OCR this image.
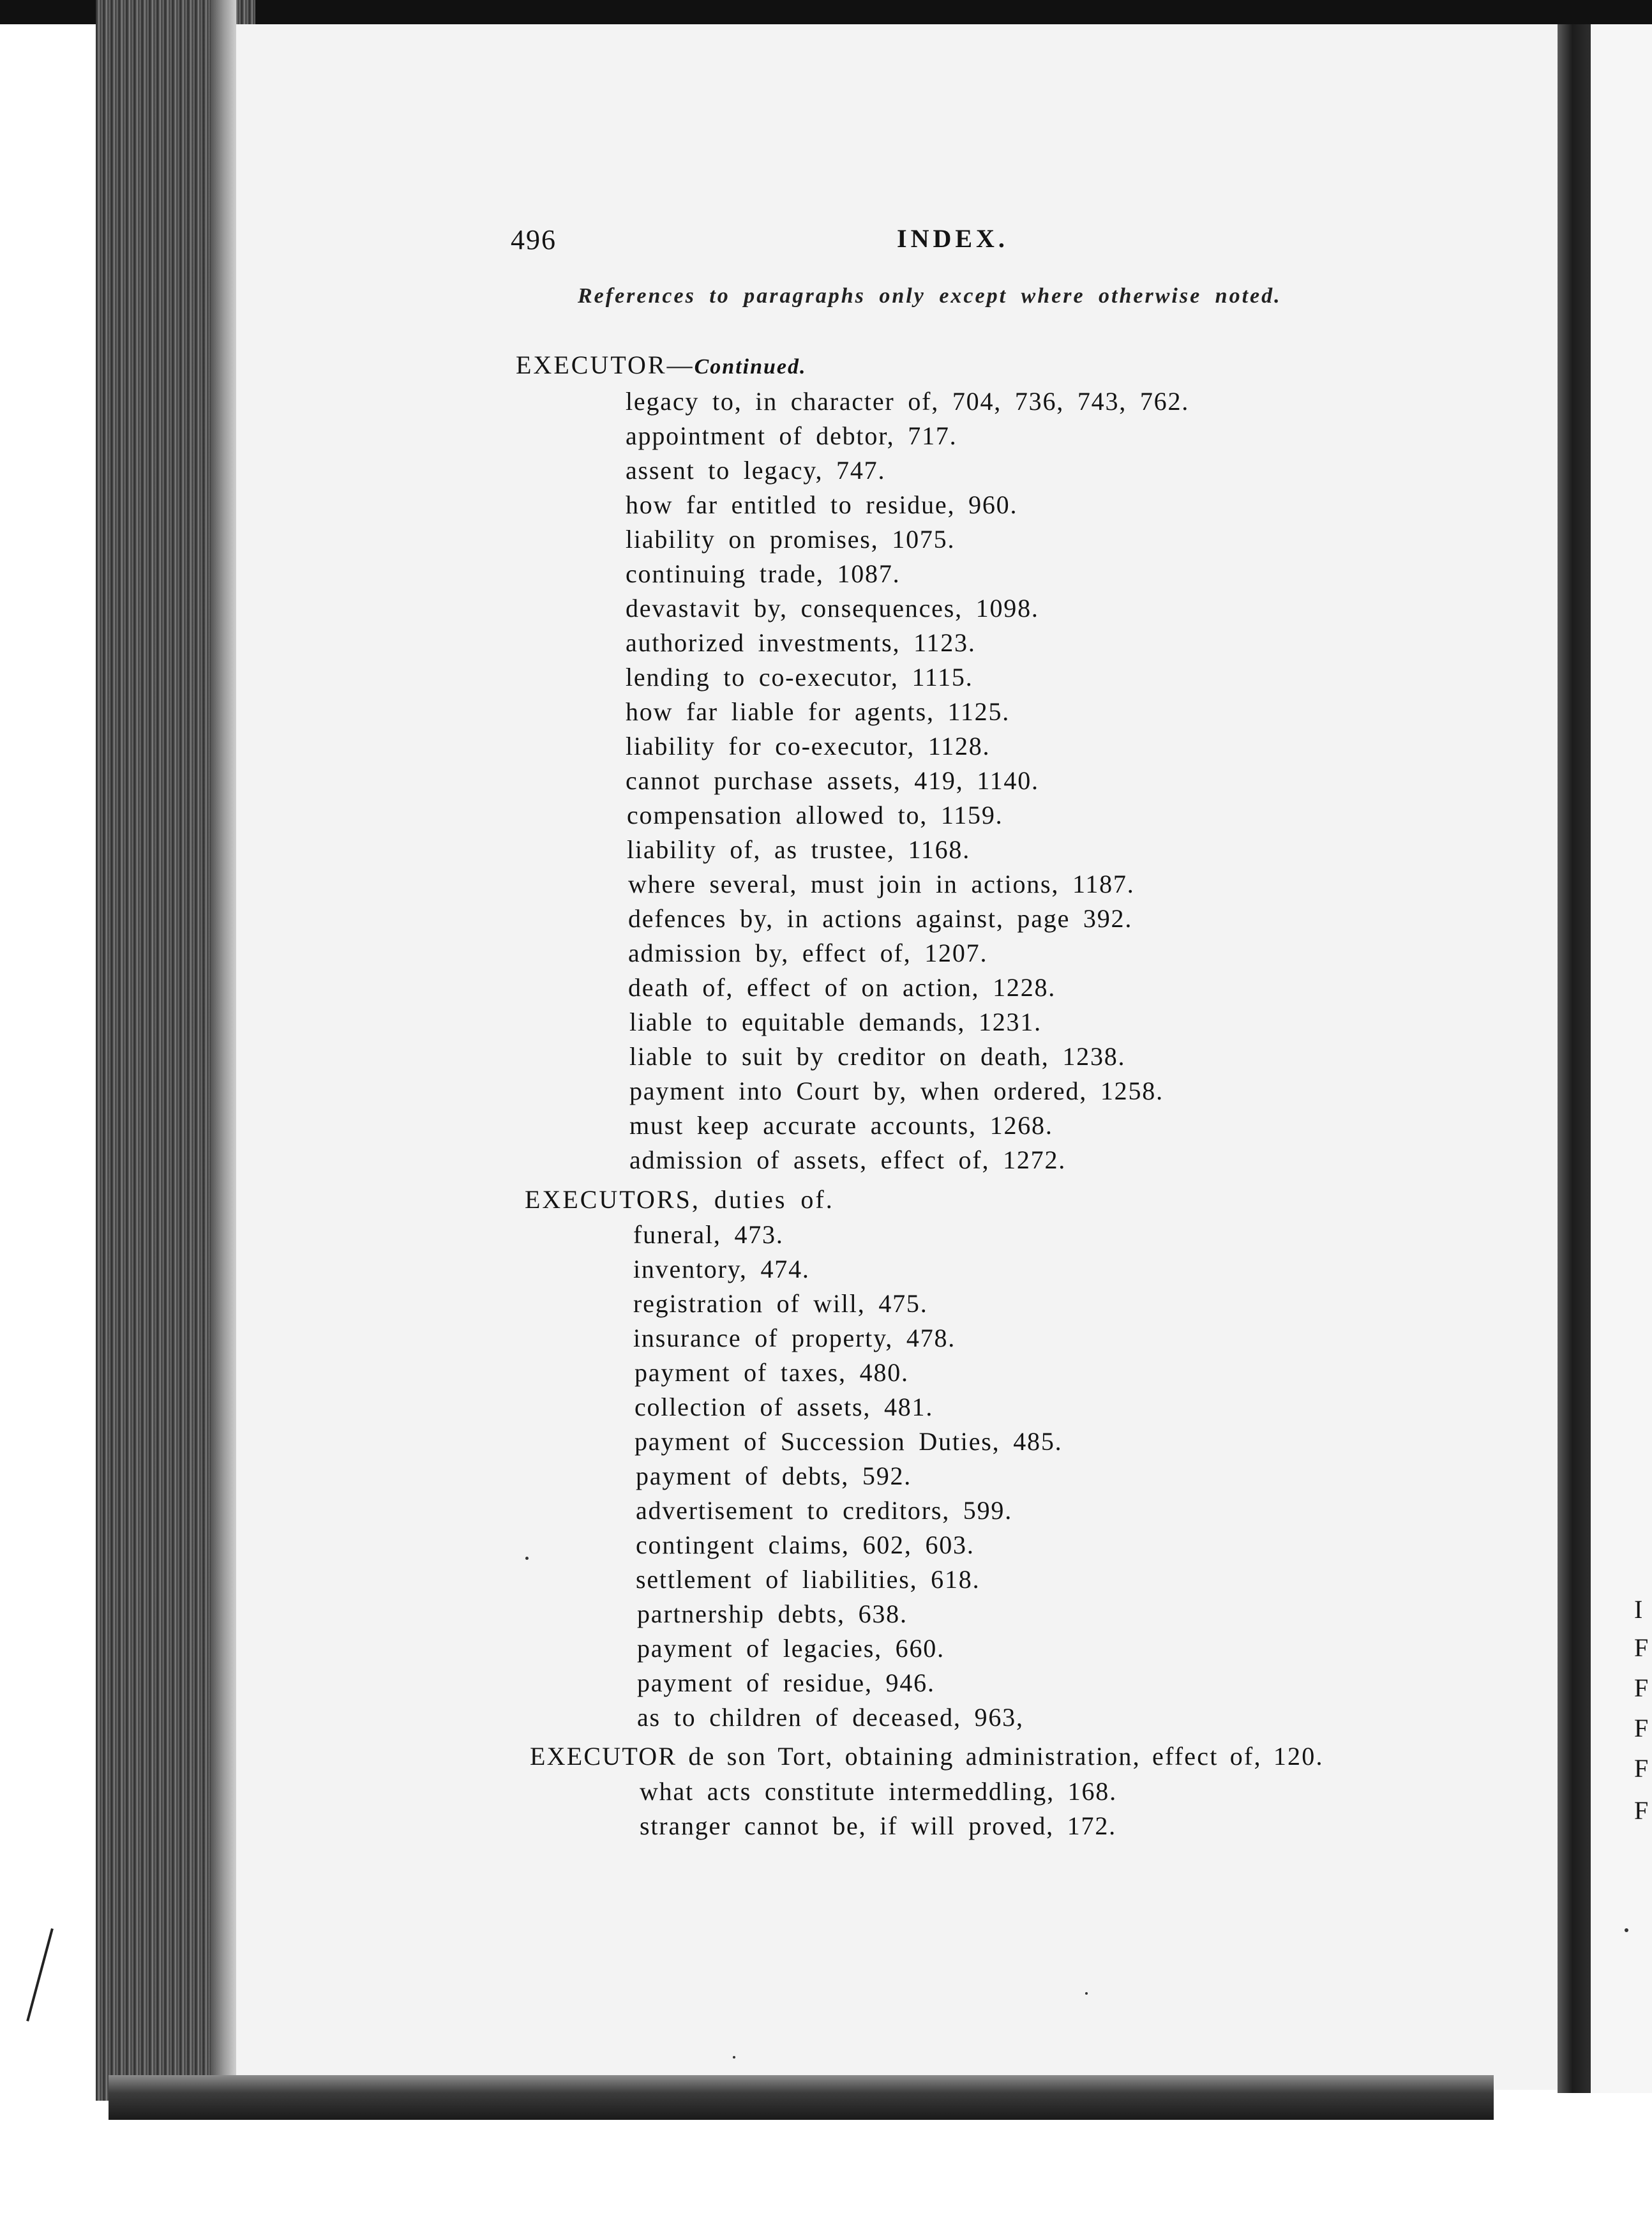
496	INDEX.
References to paragraphs only except where otherwise noted.
EXECUTOR—Continued.
legacy to, in character of, 704, 736, 743, 762.
appointment of debtor, 717.
assent to legacy, 747.
how far entitled to residue, 960.
liability on promises, 1075.
continuing trade, 1087.
devastavit by, consequences, 1098.
authorized investments, 1123.
lending to co-executor, 1115.
how far liable for agents, 1125.
liability for co-executor, 1128.
cannot purchase assets, 419, 1140.
compensation allowed to, 1159.
liability of, as trustee, 1168.
where several, must join in actions, 1187.
defences by, in actions against, page 392.
admission by, effect of, 1207.
death of, effect of on action, 1228.
liable to equitable demands, 1231.
liable to suit by creditor on death, 1238.
payment into Court by, when ordered, 1258.
must keep accurate accounts, 1268.
admission of assets, effect of, 1272.
EXECUTORS, duties of.
funeral, 473.
inventory, 474.
registration of will, 475.
insurance of property, 478.
payment of taxes, 480.
collection of assets, 481.
payment of Succession Duties, 485.
payment of debts, 592.
advertisement to creditors, 599.
contingent claims, 602, 603.
settlement of liabilities, 618.
partnership debts, 638.
payment of legacies, 660.
payment of residue, 946.
as to children of deceased, 963,
EXECUTOR de son Tort, obtaining administration, effect of, 120.
what acts constitute intermeddling, 168.
stranger cannot be, if will proved, 172.
I
F
F
F
F
F
